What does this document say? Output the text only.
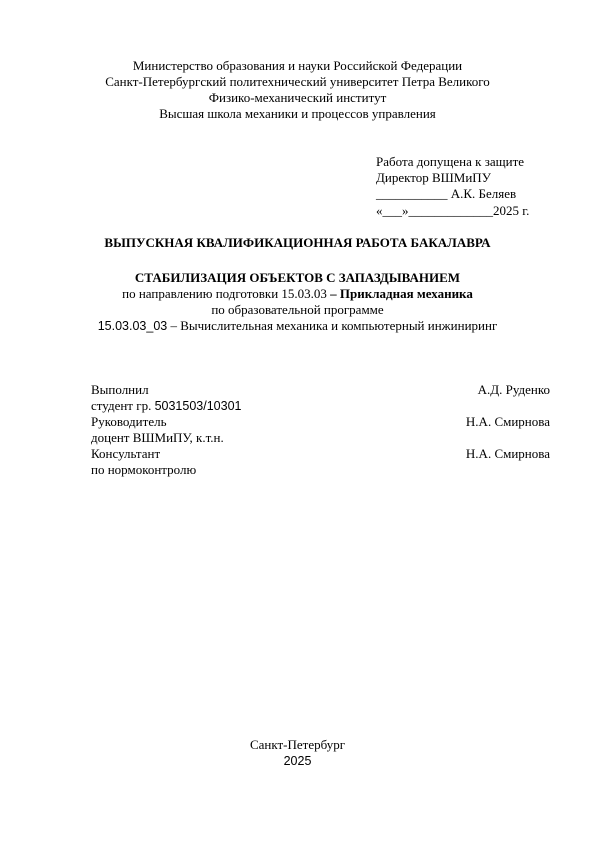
Министерство образования и науки Российской Федерации
Санкт-Петербургский политехнический университет Петра Великого
Физико-механический институт
Высшая школа механики и процессов управления
Работа допущена к защите
Директор ВШМиПУ
___________ А.К. Беляев
«___»_____________2025 г.
ВЫПУСКНАЯ КВАЛИФИКАЦИОННАЯ РАБОТА БАКАЛАВРА
СТАБИЛИЗАЦИЯ ОБЪЕКТОВ С ЗАПАЗДЫВАНИЕМ
по направлению подготовки 15.03.03 – Прикладная механика
по образовательной программе
15.03.03_03 – Вычислительная механика и компьютерный инжиниринг
Выполнил	А.Д. Руденко
студент гр. 5031503/10301
Руководитель	Н.А. Смирнова
доцент ВШМиПУ, к.т.н.
Консультант	Н.А. Смирнова
по нормоконтролю
Санкт-Петербург
2025
